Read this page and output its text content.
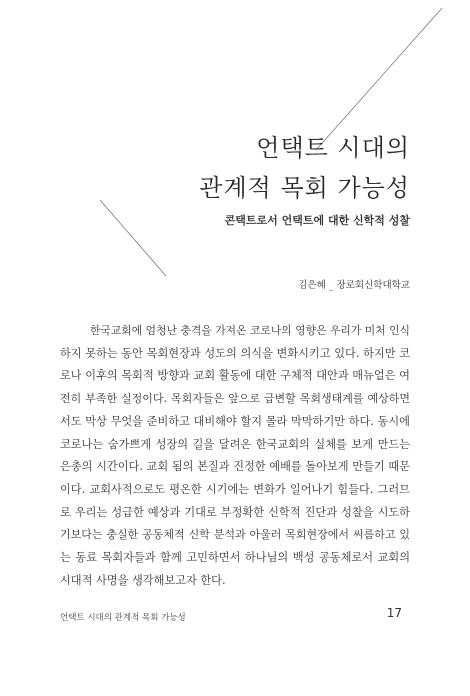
언택트 시대의
관계적 목회 가능성
콘택트로서 언택트에 대한 신학적 성찰
김은혜 _ 장로회신학대학교

한국교회에 엄청난 충격을 가져온 코로나의 영향은 우리가 미처 인식
하지 못하는 동안 목회현장과 성도의 의식을 변화시키고 있다. 하지만 코
로나 이후의 목회적 방향과 교회 활동에 대한 구체적 대안과 매뉴얼은 여
전히 부족한 실정이다. 목회자들은 앞으로 급변할 목회생태계를 예상하면
서도 막상 무엇을 준비하고 대비해야 할지 몰라 막막하기만 하다. 동시에
코로나는 숨가쁘게 성장의 길을 달려온 한국교회의 실체를 보게 만드는
은총의 시간이다. 교회 됨의 본질과 진정한 예배를 돌아보게 만들기 때문
이다. 교회사적으로도 평온한 시기에는 변화가 일어나기 힘들다. 그러므
로 우리는 성급한 예상과 기대로 부정확한 신학적 진단과 성찰을 시도하
기보다는 충실한 공동체적 신학 분석과 아울러 목회현장에서 씨름하고 있
는 동료 목회자들과 함께 고민하면서 하나님의 백성 공동체로서 교회의
시대적 사명을 생각해보고자 한다.

언택트 시대의 관계적 목회 가능성	17
